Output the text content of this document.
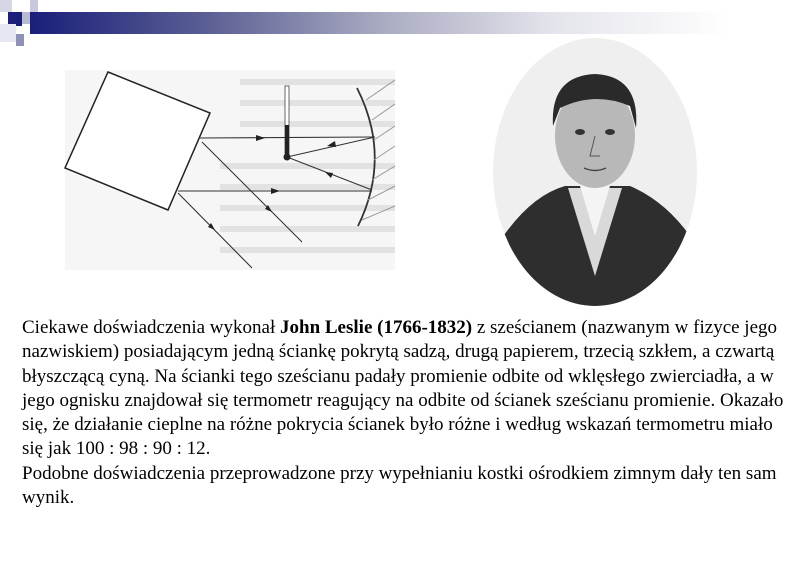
Ciekawe doświadczenia wykonał John Leslie (1766-1832) z sześcianem (nazwanym w fizyce jego nazwiskiem) posiadającym jedną ściankę pokrytą sadzą, drugą papierem, trzecią szkłem, a czwartą błyszczącą cyną. Na ścianki tego sześcianu padały promienie odbite od wklęsłego zwierciadła, a w jego ognisku znajdował się termometr reagujący na odbite od ścianek sześcianu promienie. Okazało się, że działanie cieplne na różne pokrycia ścianek było różne i według wskazań termometru miało się jak 100 : 98 : 90 : 12.

Podobne doświadczenia przeprowadzone przy wypełnianiu kostki ośrodkiem zimnym dały ten sam wynik.
